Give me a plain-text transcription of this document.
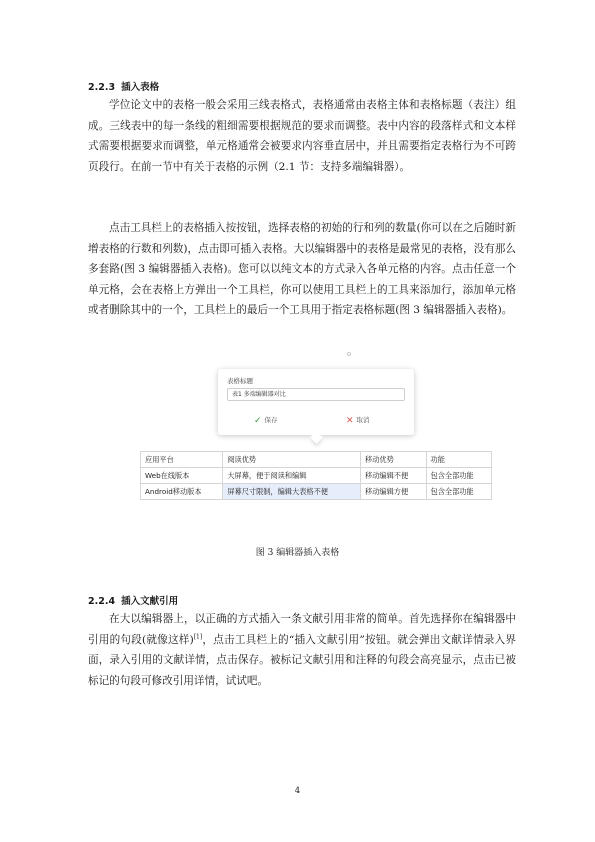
2.2.3 插入表格

学位论文中的表格一般会采用三线表格式，表格通常由表格主体和表格标题（表注）组成。三线表中的每一条线的粗细需要根据规范的要求而调整。表中内容的段落样式和文本样式需要根据要求而调整，单元格通常会被要求内容垂直居中，并且需要指定表格行为不可跨页段行。在前一节中有关于表格的示例（2.1 节：支持多端编辑器）。

点击工具栏上的表格插入按按钮，选择表格的初始的行和列的数量(你可以在之后随时新增表格的行数和列数)，点击即可插入表格。大以编辑器中的表格是最常见的表格，没有那么多套路(图 3 编辑器插入表格)。您可以以纯文本的方式录入各单元格的内容。点击任意一个单元格，会在表格上方弹出一个工具栏，你可以使用工具栏上的工具来添加行，添加单元格或者删除其中的一个，工具栏上的最后一个工具用于指定表格标题(图 3 编辑器插入表格)。

表格标题
表1 多端编辑器对比
✓ 保存	✕ 取消
应用平台	阅读优势	移动优势	功能
Web在线版本	大屏幕，便于阅读和编辑	移动编辑不便	包含全部功能
Android移动版本	屏幕尺寸限制，编辑大表格不便	移动编辑方便	包含全部功能
图 3 编辑器插入表格
2.2.4 插入文献引用

在大以编辑器上，以正确的方式插入一条文献引用非常的简单。首先选择你在编辑器中引用的句段(就像这样)[1]，点击工具栏上的“插入文献引用”按钮。就会弹出文献详情录入界面，录入引用的文献详情，点击保存。被标记文献引用和注释的句段会高亮显示，点击已被标记的句段可修改引用详情，试试吧。

4
